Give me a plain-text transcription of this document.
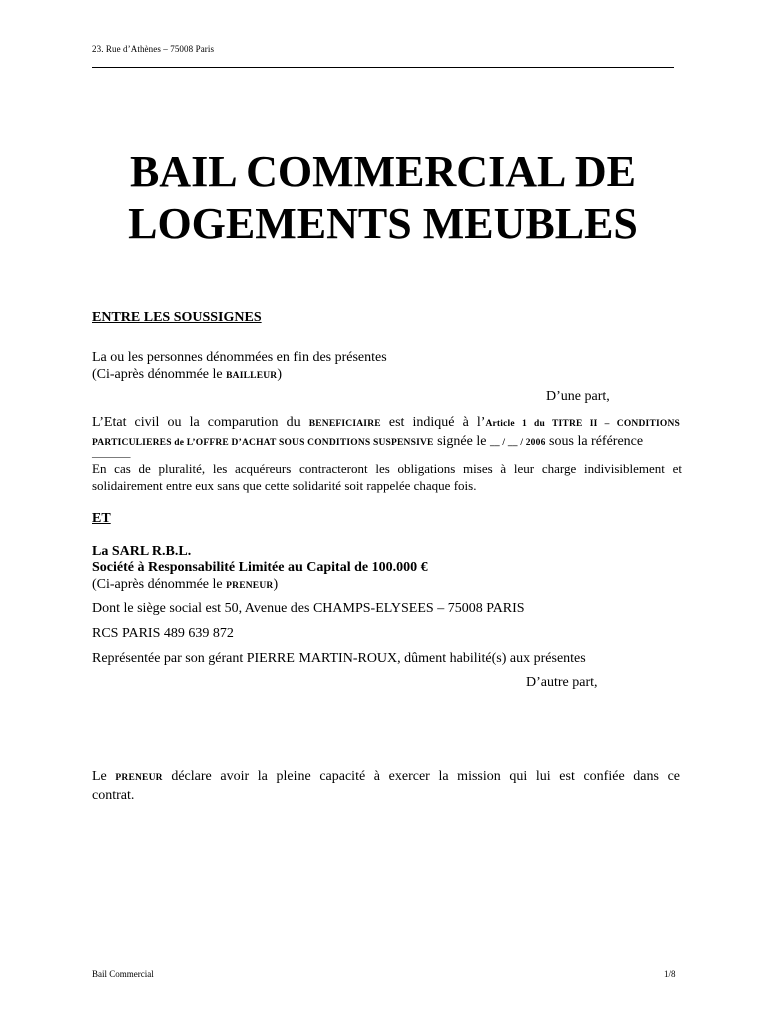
23. Rue d’Athènes – 75008 Paris
BAIL COMMERCIAL DE
LOGEMENTS MEUBLES
ENTRE LES SOUSSIGNES
La ou les personnes dénommées en fin des présentes
(Ci-après dénommée le BAILLEUR)
D’une part,
L’Etat civil ou la comparution du BENEFICIAIRE est indiqué à l’Article 1 du TITRE II – CONDITIONS
PARTICULIERES de L’OFFRE D’ACHAT SOUS CONDITIONS SUSPENSIVE signée le __ / __ / 2006 sous la référence
———–
En cas de pluralité, les acquéreurs contracteront les obligations mises à leur charge indivisiblement et
solidairement entre eux sans que cette solidarité soit rappelée chaque fois.
ET
La SARL R.B.L.
Société à Responsabilité Limitée au Capital de 100.000 €
(Ci-après dénommée le PRENEUR)
Dont le siège social est 50, Avenue des CHAMPS-ELYSEES – 75008 PARIS
RCS PARIS 489 639 872
Représentée par son gérant PIERRE MARTIN-ROUX, dûment habilité(s) aux présentes
D’autre part,
Le PRENEUR déclare avoir la pleine capacité à exercer la mission qui lui est confiée dans ce
contrat.
Bail Commercial	1/8
